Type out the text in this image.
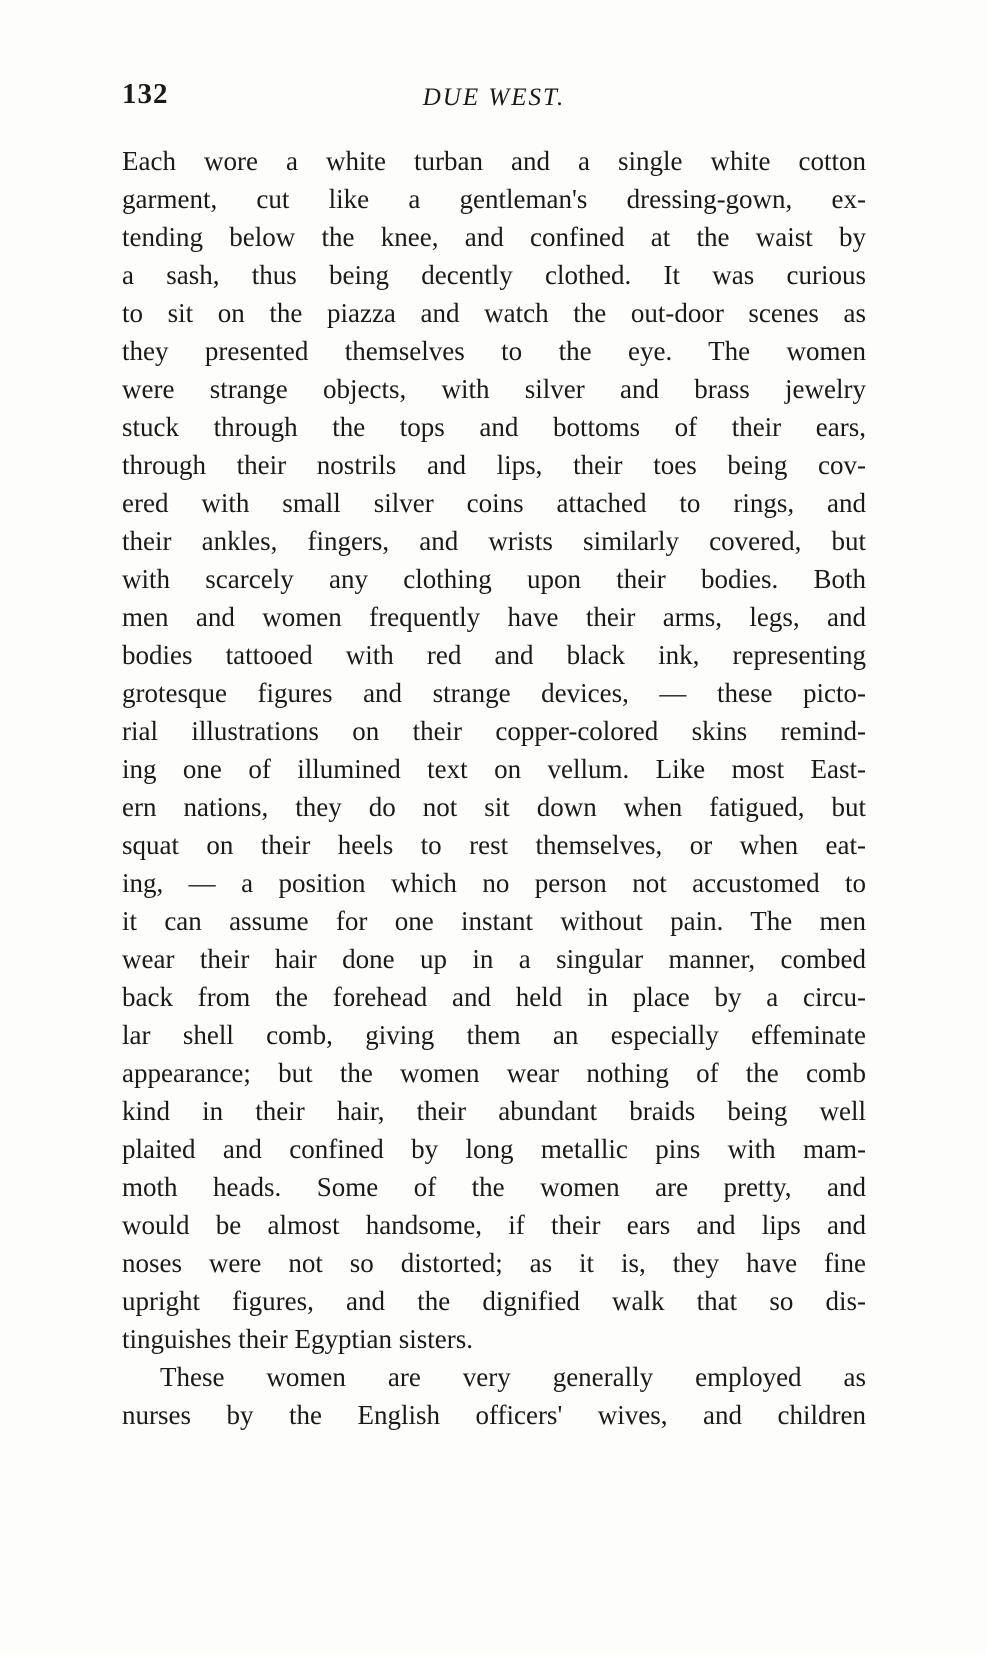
132	DUE WEST.
Each wore a white turban and a single white cotton
garment, cut like a gentleman's dressing-gown, ex-
tending below the knee, and confined at the waist by
a sash, thus being decently clothed. It was curious
to sit on the piazza and watch the out-door scenes as
they presented themselves to the eye. The women
were strange objects, with silver and brass jewelry
stuck through the tops and bottoms of their ears,
through their nostrils and lips, their toes being cov-
ered with small silver coins attached to rings, and
their ankles, fingers, and wrists similarly covered, but
with scarcely any clothing upon their bodies. Both
men and women frequently have their arms, legs, and
bodies tattooed with red and black ink, representing
grotesque figures and strange devices, — these picto-
rial illustrations on their copper-colored skins remind-
ing one of illumined text on vellum. Like most East-
ern nations, they do not sit down when fatigued, but
squat on their heels to rest themselves, or when eat-
ing, — a position which no person not accustomed to
it can assume for one instant without pain. The men
wear their hair done up in a singular manner, combed
back from the forehead and held in place by a circu-
lar shell comb, giving them an especially effeminate
appearance; but the women wear nothing of the comb
kind in their hair, their abundant braids being well
plaited and confined by long metallic pins with mam-
moth heads. Some of the women are pretty, and
would be almost handsome, if their ears and lips and
noses were not so distorted; as it is, they have fine
upright figures, and the dignified walk that so dis-
tinguishes their Egyptian sisters.
These women are very generally employed as
nurses by the English officers' wives, and children
